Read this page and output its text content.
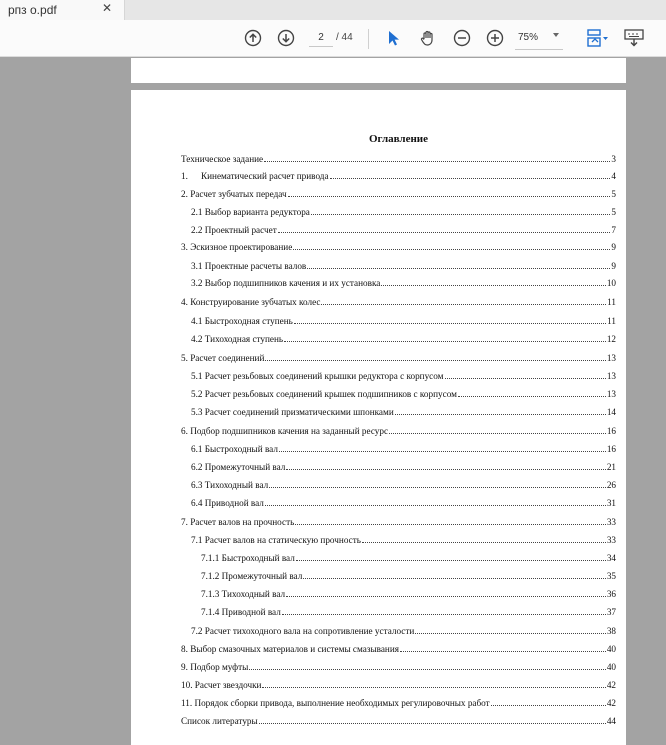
рпз о.pdf	✕
2	/ 44	75%
Оглавление
Техническое задание	3
1. Кинематический расчет привода	4
2. Расчет зубчатых передач	5
2.1 Выбор варианта редуктора	5
2.2 Проектный расчет	7
3. Эскизное проектирование	9
3.1 Проектные расчеты валов	9
3.2 Выбор подшипников качения и их установка	10
4. Конструирование зубчатых колес	11
4.1 Быстроходная ступень	11
4.2 Тихоходная ступень	12
5. Расчет соединений	13
5.1 Расчет резьбовых соединений крышки редуктора с корпусом	13
5.2 Расчет резьбовых соединений крышек подшипников с корпусом	13
5.3 Расчет соединений призматическими шпонками	14
6. Подбор подшипников качения на заданный ресурс	16
6.1 Быстроходный вал	16
6.2 Промежуточный вал	21
6.3 Тихоходный вал	26
6.4 Приводной вал	31
7. Расчет валов на прочность	33
7.1 Расчет валов на статическую прочность	33
7.1.1 Быстроходный вал	34
7.1.2 Промежуточный вал	35
7.1.3 Тихоходный вал	36
7.1.4 Приводной вал	37
7.2 Расчет тихоходного вала на сопротивление усталости	38
8. Выбор смазочных материалов и системы смазывания	40
9. Подбор муфты	40
10. Расчет звездочки	42
11. Порядок сборки привода, выполнение необходимых регулировочных работ	42
Список литературы	44
